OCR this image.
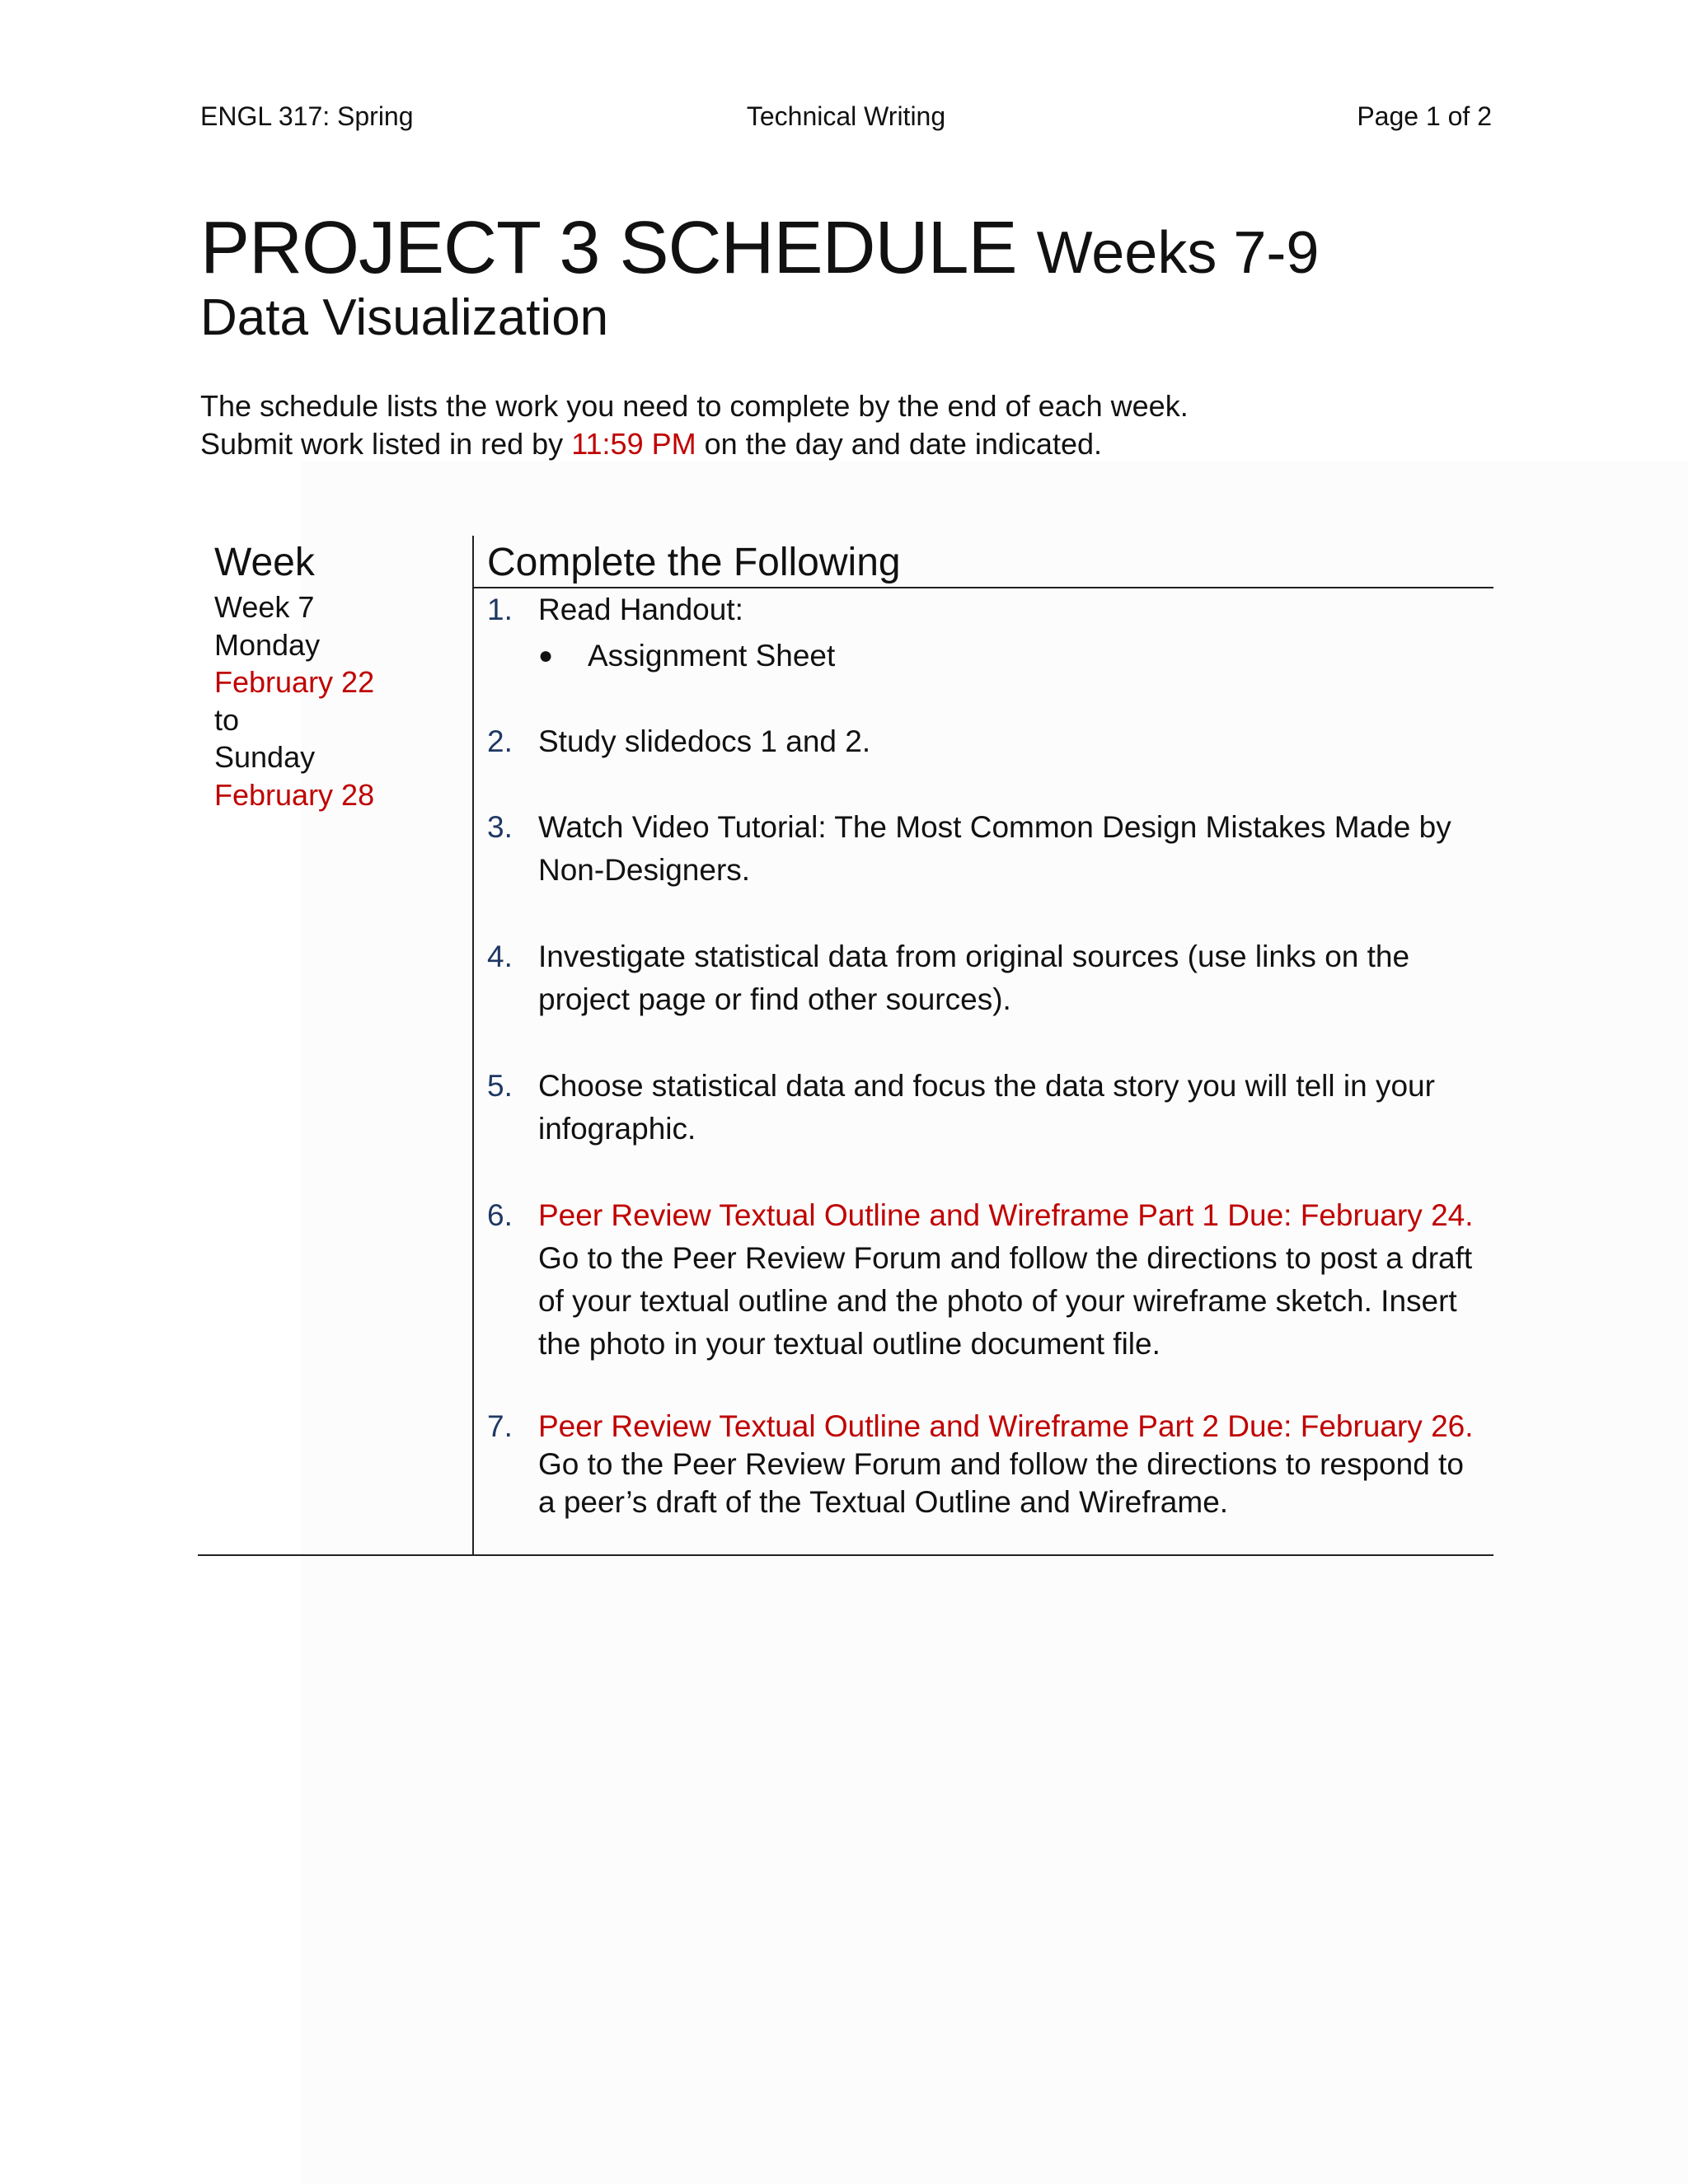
ENGL 317: Spring	Technical Writing	Page 1 of 2
PROJECT 3 SCHEDULE Weeks 7-9
Data Visualization
The schedule lists the work you need to complete by the end of each week.
Submit work listed in red by 11:59 PM on the day and date indicated.
Week	Complete the Following
Week 7
Monday
February 22
to
Sunday
February 28
1. Read Handout:
● Assignment Sheet
2. Study slidedocs 1 and 2.
3. Watch Video Tutorial: The Most Common Design Mistakes Made by Non-Designers.
4. Investigate statistical data from original sources (use links on the project page or find other sources).
5. Choose statistical data and focus the data story you will tell in your infographic.
6. Peer Review Textual Outline and Wireframe Part 1 Due: February 24. Go to the Peer Review Forum and follow the directions to post a draft of your textual outline and the photo of your wireframe sketch. Insert the photo in your textual outline document file.
7. Peer Review Textual Outline and Wireframe Part 2 Due: February 26. Go to the Peer Review Forum and follow the directions to respond to a peer’s draft of the Textual Outline and Wireframe.
